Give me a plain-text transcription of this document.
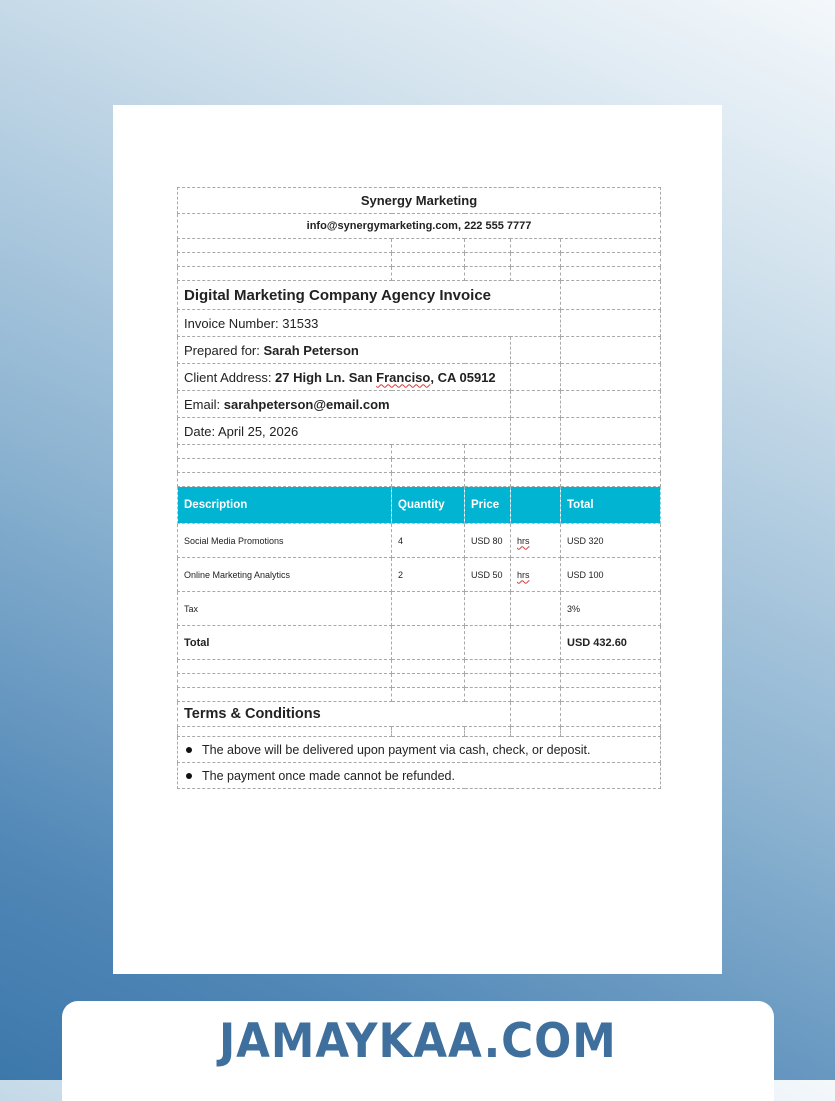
Synergy Marketing				
info@synergymarketing.com, 222 555 7777				

Digital Marketing Company Agency Invoice				
Invoice Number: 31533				
Prepared for: Sarah Peterson				
Client Address: 27 High Ln. San Franciso, CA 05912				
Email: sarahpeterson@email.com				
Date: April 25, 2026				

Description	Quantity	Price		Total
Social Media Promotions	4	USD 80	hrs	USD 320
Online Marketing Analytics	2	USD 50	hrs	USD 100
Tax				3%
Total				USD 432.60

Terms & Conditions				

The above will be delivered upon payment via cash, check, or deposit.				
The payment once made cannot be refunded.				
JAMAYKAA.COM
